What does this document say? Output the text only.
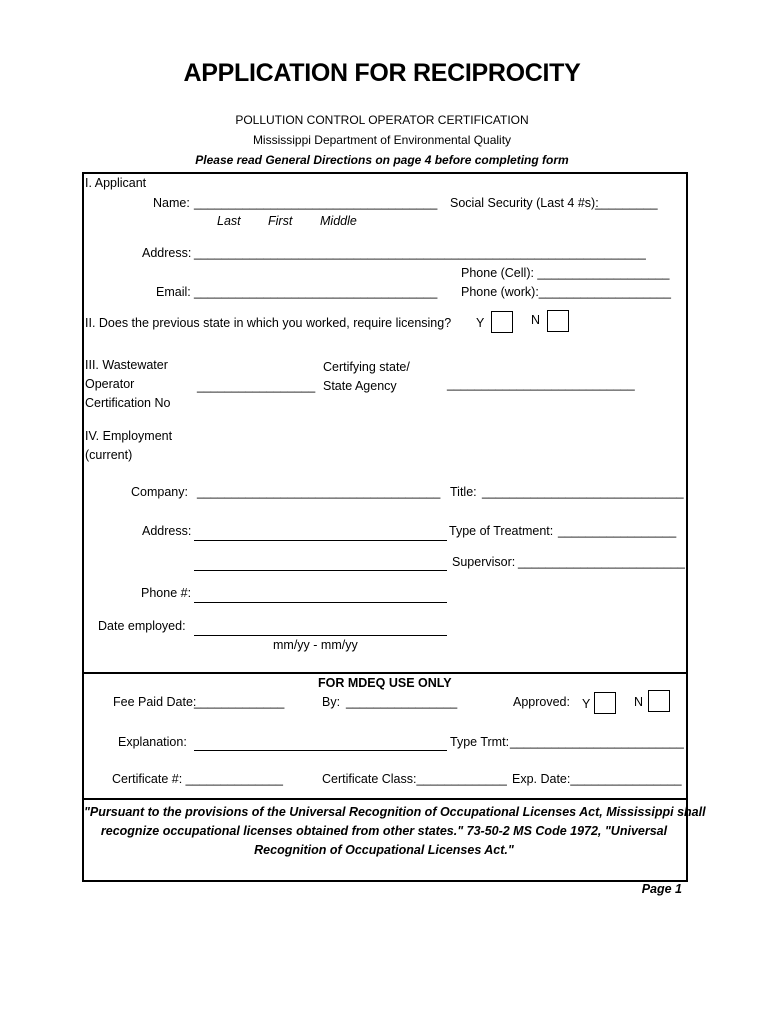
APPLICATION FOR RECIPROCITY
POLLUTION CONTROL OPERATOR CERTIFICATION
Mississippi Department of Environmental Quality
Please read General Directions on page 4 before completing form
I. Applicant
Name: ___________________________________ Social Security (Last 4 #s):
_________
Last First Middle
Address: _________________________________________________________________
Phone (Cell): ___________________
Email: ___________________________________ Phone (work):___________________
II. Does the previous state in which you worked, require licensing? Y	N
III. Wastewater
Operator
Certification No
_________________
Certifying state/
State Agency	___________________________
IV. Employment
(current)
Company: ___________________________________ Title: _____________________________
Address:	Type of Treatment: _________________
Supervisor: ________________________
Phone #:
Date employed:
mm/yy - mm/yy
FOR MDEQ USE ONLY
Fee Paid Date:
_____________	By: ________________	Approved: Y	N
Explanation:	Type Trmt: _________________________
Certificate #: ______________	Certificate Class:_____________ Exp. Date:________________
"Pursuant to the provisions of the Universal Recognition of Occupational Licenses Act, Mississippi shall
recognize occupational licenses obtained from other states." 73-50-2 MS Code 1972, "Universal
Recognition of Occupational Licenses Act."
Page 1
